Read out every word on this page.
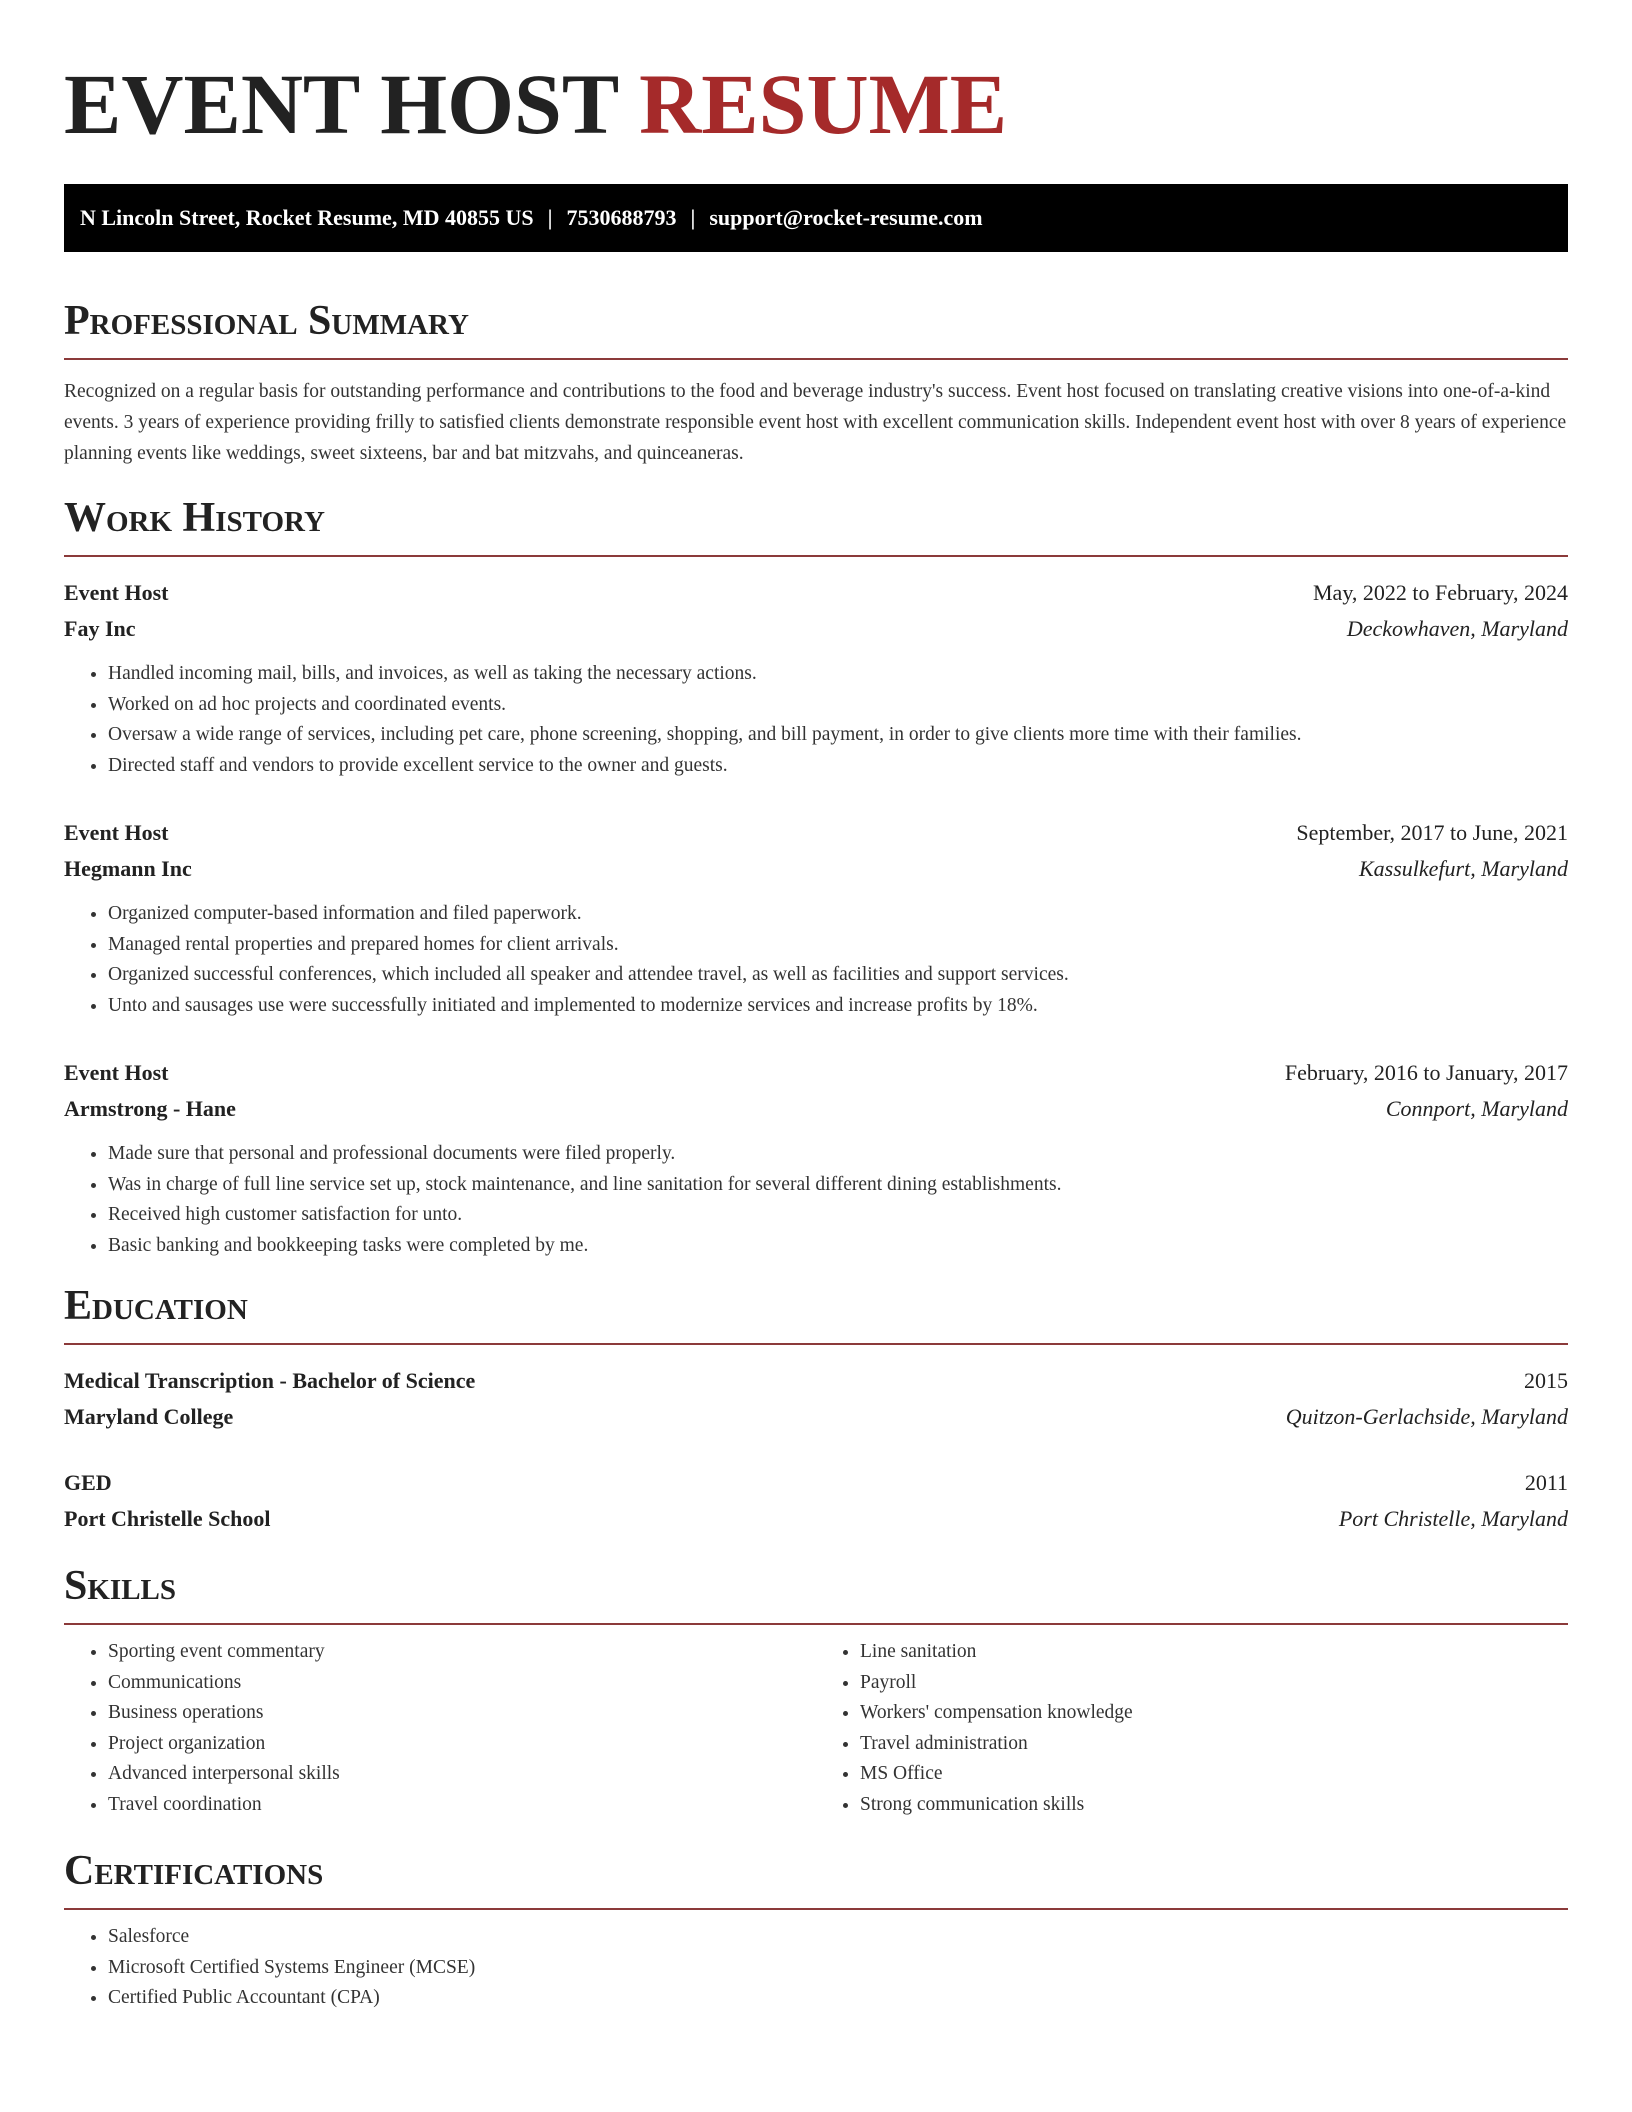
EVENT HOST RESUME
N Lincoln Street, Rocket Resume, MD 40855 US | 7530688793 | support@rocket-resume.com
Professional Summary

Recognized on a regular basis for outstanding performance and contributions to the food and beverage industry's success. Event host focused on translating creative visions into one-of-a-kind events. 3 years of experience providing frilly to satisfied clients demonstrate responsible event host with excellent communication skills. Independent event host with over 8 years of experience planning events like weddings, sweet sixteens, bar and bat mitzvahs, and quinceaneras.

Work History
Event Host	May, 2022 to February, 2024
Fay Inc	Deckowhaven, Maryland
• Handled incoming mail, bills, and invoices, as well as taking the necessary actions.
• Worked on ad hoc projects and coordinated events.
• Oversaw a wide range of services, including pet care, phone screening, shopping, and bill payment, in order to give clients more time with their families.
• Directed staff and vendors to provide excellent service to the owner and guests.
Event Host	September, 2017 to June, 2021
Hegmann Inc	Kassulkefurt, Maryland
• Organized computer-based information and filed paperwork.
• Managed rental properties and prepared homes for client arrivals.
• Organized successful conferences, which included all speaker and attendee travel, as well as facilities and support services.
• Unto and sausages use were successfully initiated and implemented to modernize services and increase profits by 18%.
Event Host	February, 2016 to January, 2017
Armstrong - Hane	Connport, Maryland
• Made sure that personal and professional documents were filed properly.
• Was in charge of full line service set up, stock maintenance, and line sanitation for several different dining establishments.
• Received high customer satisfaction for unto.
• Basic banking and bookkeeping tasks were completed by me.
Education
Medical Transcription - Bachelor of Science	2015
Maryland College	Quitzon-Gerlachside, Maryland
GED	2011
Port Christelle School	Port Christelle, Maryland
Skills
• Sporting event commentary
• Communications
• Business operations
• Project organization
• Advanced interpersonal skills
• Travel coordination
• Line sanitation
• Payroll
• Workers' compensation knowledge
• Travel administration
• MS Office
• Strong communication skills
Certifications
• Salesforce
• Microsoft Certified Systems Engineer (MCSE)
• Certified Public Accountant (CPA)
